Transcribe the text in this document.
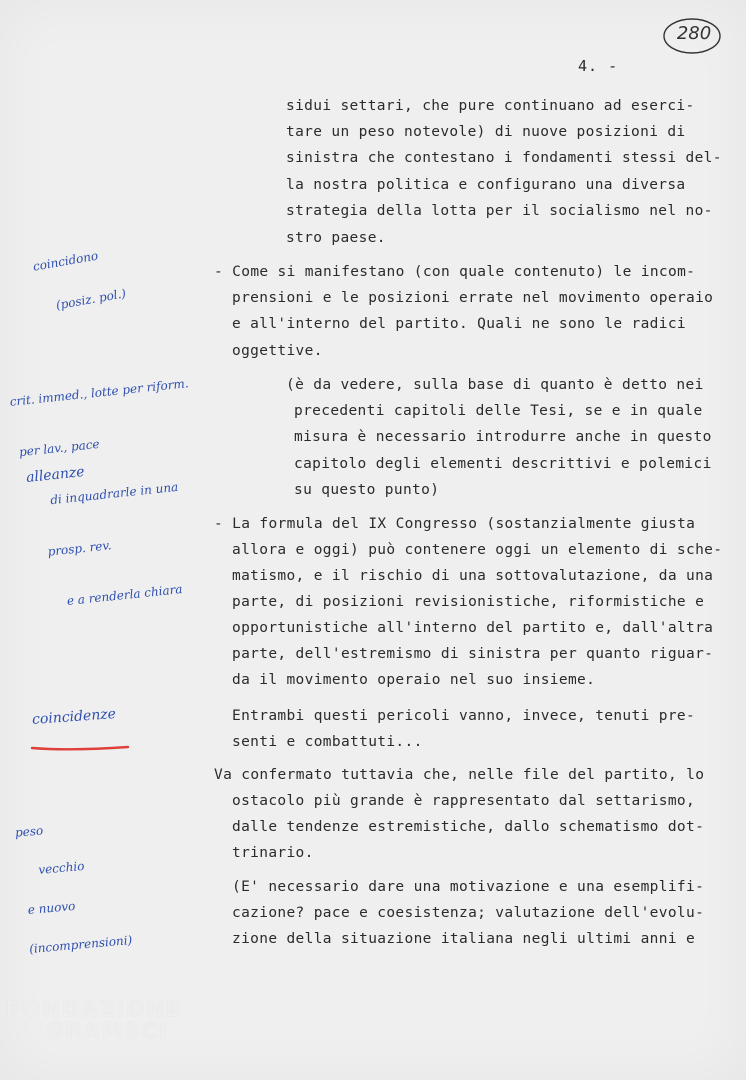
280
4. -
sidui settari, che pure continuano ad eserci-
tare un peso notevole) di nuove posizioni di
sinistra che contestano i fondamenti stessi del-
la nostra politica e configurano una diversa
strategia della lotta per il socialismo nel no-
stro paese.
- Come si manifestano (con quale contenuto) le incom-
prensioni e le posizioni errate nel movimento operaio
e all'interno del partito. Quali ne sono le radici
oggettive.
(è da vedere, sulla base di quanto è detto nei
precedenti capitoli delle Tesi, se e in quale
misura è necessario introdurre anche in questo
capitolo degli elementi descrittivi e polemici
su questo punto)
- La formula del IX Congresso (sostanzialmente giusta
allora e oggi) può contenere oggi un elemento di sche-
matismo, e il rischio di una sottovalutazione, da una
parte, di posizioni revisionistiche, riformistiche e
opportunistiche all'interno del partito e, dall'altra
parte, dell'estremismo di sinistra per quanto riguar-
da il movimento operaio nel suo insieme.
Entrambi questi pericoli vanno, invece, tenuti pre-
senti e combattuti...
Va confermato tuttavia che, nelle file del partito, lo
ostacolo più grande è rappresentato dal settarismo,
dalle tendenze estremistiche, dallo schematismo dot-
trinario.
(E' necessario dare una motivazione e una esemplifi-
cazione? pace e coesistenza; valutazione dell'evolu-
zione della situazione italiana negli ultimi anni e

coincidono

(posiz. pol.)

crit. immed., lotte per riform.

per lav., pace

di inquadrarle in una

prosp. rev.

e a renderla chiara

alleanze
coincidenze

peso

vecchio

e nuovo

(incomprensioni)

FONDAZIONE
GRAMSCI
